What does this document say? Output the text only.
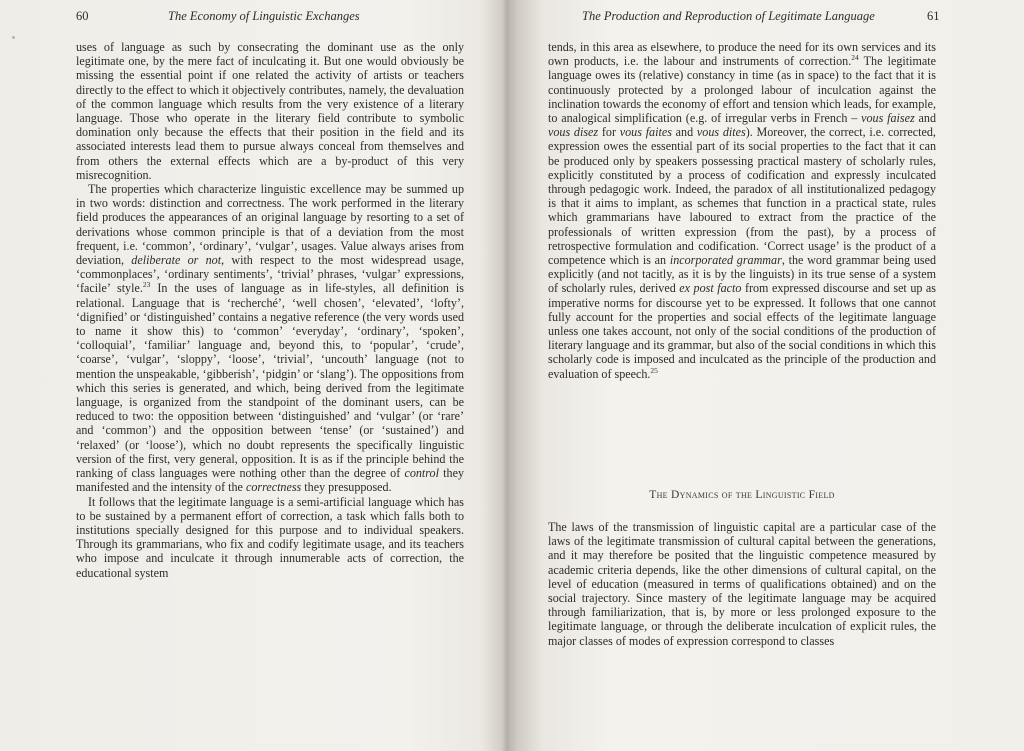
60	The Economy of Linguistic Exchanges

uses of language as such by consecrating the dominant use as the only legitimate one, by the mere fact of inculcating it. But one would obviously be missing the essential point if one related the activity of artists or teachers directly to the effect to which it objectively contributes, namely, the devaluation of the common language which results from the very existence of a literary language. Those who operate in the literary field contribute to symbolic domination only because the effects that their position in the field and its associated interests lead them to pursue always conceal from themselves and from others the external effects which are a by-product of this very misrecognition.

The properties which characterize linguistic excellence may be summed up in two words: distinction and correctness. The work performed in the literary field produces the appearances of an original language by resorting to a set of derivations whose common principle is that of a deviation from the most frequent, i.e. ‘common’, ‘ordinary’, ‘vulgar’, usages. Value always arises from deviation, deliberate or not, with respect to the most widespread usage, ‘commonplaces’, ‘ordinary sentiments’, ‘trivial’ phrases, ‘vulgar’ expressions, ‘facile’ style.$^{23}$ In the uses of language as in life-styles, all definition is relational. Language that is ‘recherché’, ‘well chosen’, ‘elevated’, ‘lofty’, ‘dignified’ or ‘distinguished’ contains a negative reference (the very words used to name it show this) to ‘common’ ‘everyday’, ‘ordinary’, ‘spoken’, ‘colloquial’, ‘familiar’ language and, beyond this, to ‘popular’, ‘crude’, ‘coarse’, ‘vulgar’, ‘sloppy’, ‘loose’, ‘trivial’, ‘uncouth’ language (not to mention the unspeakable, ‘gibberish’, ‘pidgin’ or ‘slang’). The oppositions from which this series is generated, and which, being derived from the legitimate language, is organized from the standpoint of the dominant users, can be reduced to two: the opposition between ‘distinguished’ and ‘vulgar’ (or ‘rare’ and ‘common’) and the opposition between ‘tense’ (or ‘sustained’) and ‘relaxed’ (or ‘loose’), which no doubt represents the specifically linguistic version of the first, very general, opposition. It is as if the principle behind the ranking of class languages were nothing other than the degree of control they manifested and the intensity of the correctness they presupposed.

It follows that the legitimate language is a semi-artificial language which has to be sustained by a permanent effort of correction, a task which falls both to institutions specially designed for this purpose and to individual speakers. Through its grammarians, who fix and codify legitimate usage, and its teachers who impose and inculcate it through innumerable acts of correction, the educational system

The Production and Reproduction of Legitimate Language	61

tends, in this area as elsewhere, to produce the need for its own services and its own products, i.e. the labour and instruments of correction.$^{24}$ The legitimate language owes its (relative) constancy in time (as in space) to the fact that it is continuously protected by a prolonged labour of inculcation against the inclination towards the economy of effort and tension which leads, for example, to analogical simplification (e.g. of irregular verbs in French – vous faisez and vous disez for vous faites and vous dites). Moreover, the correct, i.e. corrected, expression owes the essential part of its social properties to the fact that it can be produced only by speakers possessing practical mastery of scholarly rules, explicitly constituted by a process of codification and expressly inculcated through pedagogic work. Indeed, the paradox of all institutionalized pedagogy is that it aims to implant, as schemes that function in a practical state, rules which grammarians have laboured to extract from the practice of the professionals of written expression (from the past), by a process of retrospective formulation and codification. ‘Correct usage’ is the product of a competence which is an incorporated grammar, the word grammar being used explicitly (and not tacitly, as it is by the linguists) in its true sense of a system of scholarly rules, derived ex post facto from expressed discourse and set up as imperative norms for discourse yet to be expressed. It follows that one cannot fully account for the properties and social effects of the legitimate language unless one takes account, not only of the social conditions of the production of literary language and its grammar, but also of the social conditions in which this scholarly code is imposed and inculcated as the principle of the production and evaluation of speech.$^{25}$

The Dynamics of the Linguistic Field

The laws of the transmission of linguistic capital are a particular case of the laws of the legitimate transmission of cultural capital between the generations, and it may therefore be posited that the linguistic competence measured by academic criteria depends, like the other dimensions of cultural capital, on the level of education (measured in terms of qualifications obtained) and on the social trajectory. Since mastery of the legitimate language may be acquired through familiarization, that is, by more or less prolonged exposure to the legitimate language, or through the deliberate inculcation of explicit rules, the major classes of modes of expression correspond to classes
